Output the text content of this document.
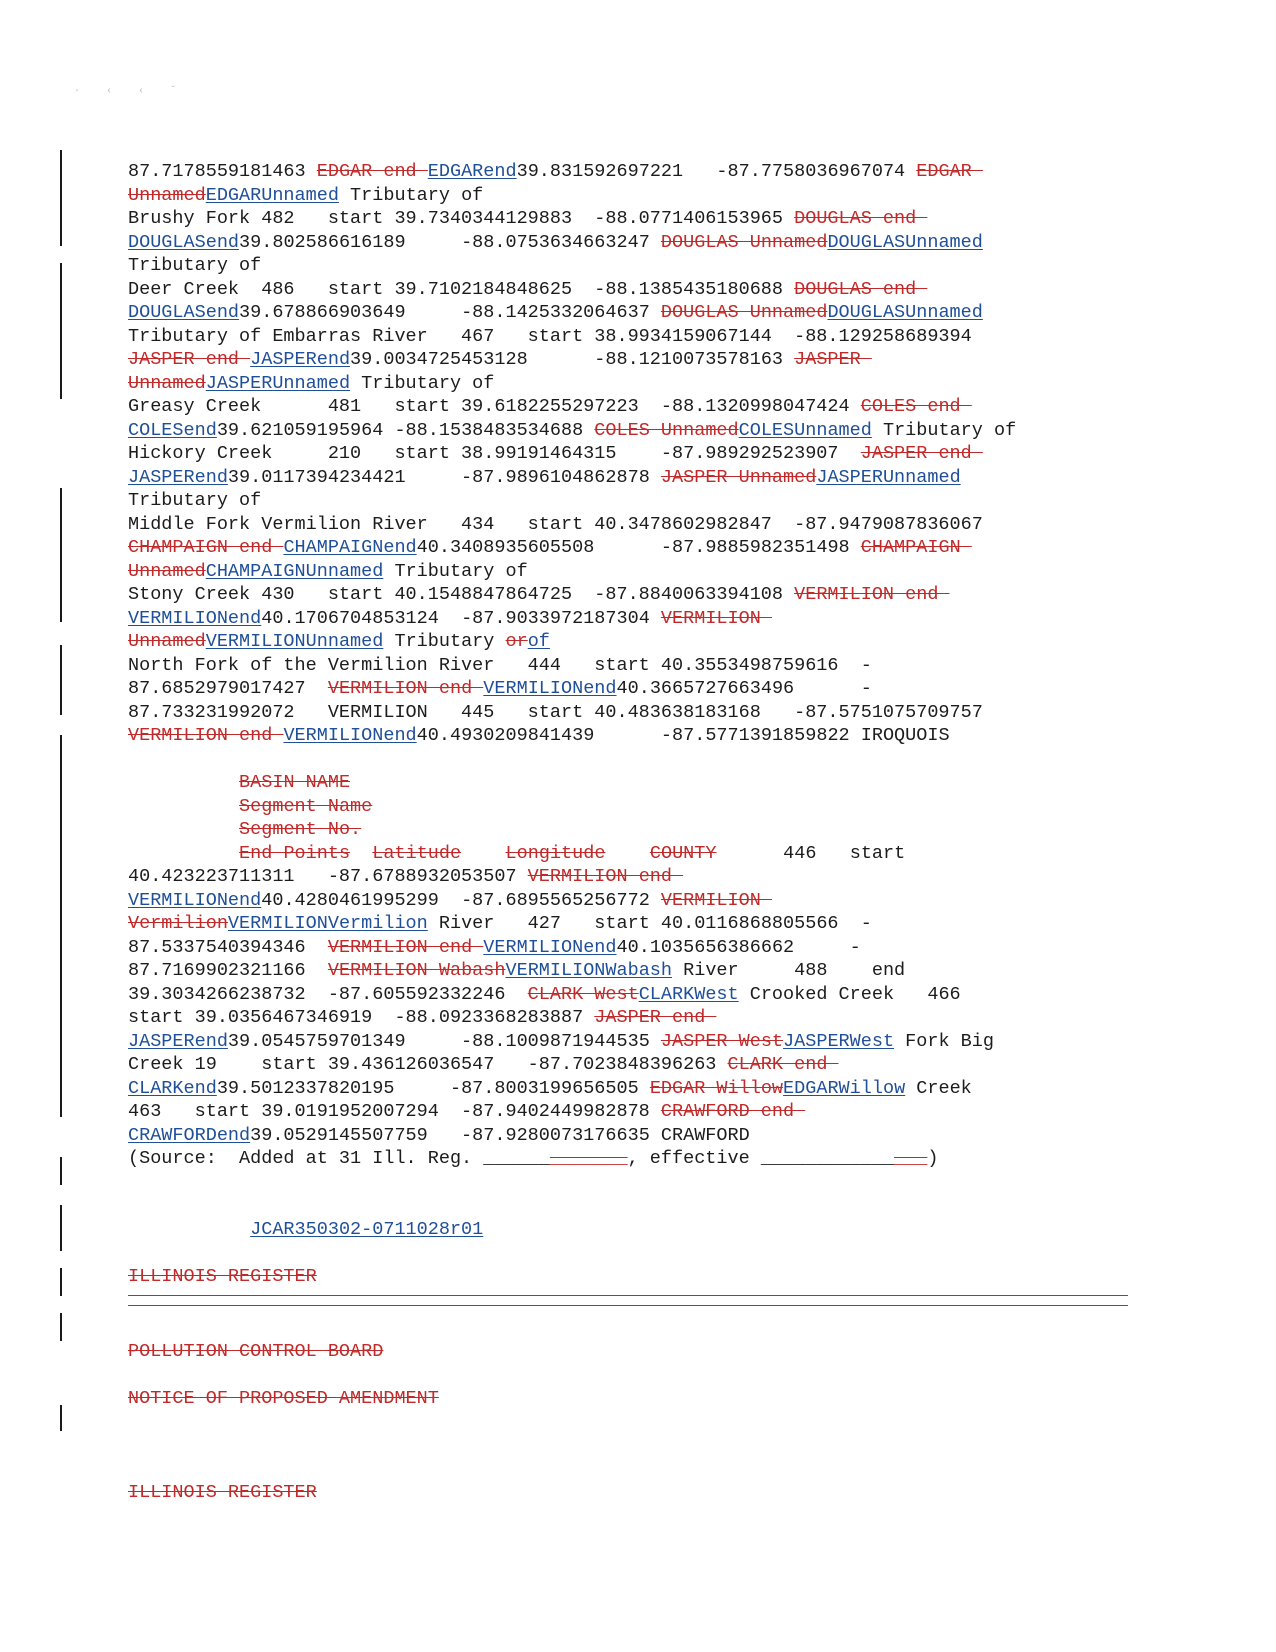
· ‹ ‹ ˇ
87.7178559181463 EDGAR end EDGARend39.831592697221   -87.7758036967074 EDGAR
UnnamedEDGARUnnamed Tributary of
Brushy Fork 482   start 39.7340344129883  -88.0771406153965 DOUGLAS end
DOUGLASend39.802586616189     -88.0753634663247 DOUGLAS UnnamedDOUGLASUnnamed
Tributary of
Deer Creek  486   start 39.7102184848625  -88.1385435180688 DOUGLAS end
DOUGLASend39.678866903649     -88.1425332064637 DOUGLAS UnnamedDOUGLASUnnamed
Tributary of Embarras River   467   start 38.9934159067144  -88.129258689394
JASPER end JASPERend39.0034725453128      -88.1210073578163 JASPER
UnnamedJASPERUnnamed Tributary of
Greasy Creek      481   start 39.6182255297223  -88.1320998047424 COLES end
COLESend39.621059195964 -88.1538483534688 COLES UnnamedCOLESUnnamed Tributary of
Hickory Creek     210   start 38.99191464315    -87.989292523907  JASPER end
JASPERend39.0117394234421     -87.9896104862878 JASPER UnnamedJASPERUnnamed
Tributary of
Middle Fork Vermilion River   434   start 40.3478602982847  -87.9479087836067
CHAMPAIGN end CHAMPAIGNend40.3408935605508      -87.9885982351498 CHAMPAIGN
UnnamedCHAMPAIGNUnnamed Tributary of
Stony Creek 430   start 40.1548847864725  -87.8840063394108 VERMILION end
VERMILIONend40.1706704853124  -87.9033972187304 VERMILION
UnnamedVERMILIONUnnamed Tributary orof
North Fork of the Vermilion River   444   start 40.3553498759616  -
87.6852979017427  VERMILION end VERMILIONend40.3665727663496      -
87.733231992072   VERMILION   445   start 40.483638183168   -87.5751075709757
VERMILION end VERMILIONend40.4930209841439      -87.5771391859822 IROQUOIS
BASIN NAME
Segment Name
Segment No.
End Points Latitude Longitude COUNTY      446   start
40.423223711311   -87.6788932053507 VERMILION end
VERMILIONend40.4280461995299  -87.6895565256772 VERMILION
VermilionVERMILIONVermilion River   427   start 40.0116868805566  -
87.5337540394346  VERMILION end VERMILIONend40.1035656386662     -
87.7169902321166  VERMILION WabashVERMILIONWabash River     488    end
39.3034266238732  -87.605592332246  CLARK WestCLARKWest Crooked Creek   466
start 39.0356467346919  -88.0923368283887 JASPER end
JASPERend39.0545759701349     -88.1009871944535 JASPER WestJASPERWest Fork Big
Creek 19    start 39.436126036547   -87.7023848396263 CLARK end
CLARKend39.5012337820195     -87.8003199656505 EDGAR WillowEDGARWillow Creek
463   start 39.0191952007294  -87.9402449982878 CRAWFORD end
CRAWFORDend39.0529145507759   -87.9280073176635 CRAWFORD
(Source:  Added at 31 Ill. Reg. _____________, effective _______________)
JCAR350302-0711028r01
ILLINOIS REGISTER
POLLUTION CONTROL BOARD
NOTICE OF PROPOSED AMENDMENT
ILLINOIS REGISTER
